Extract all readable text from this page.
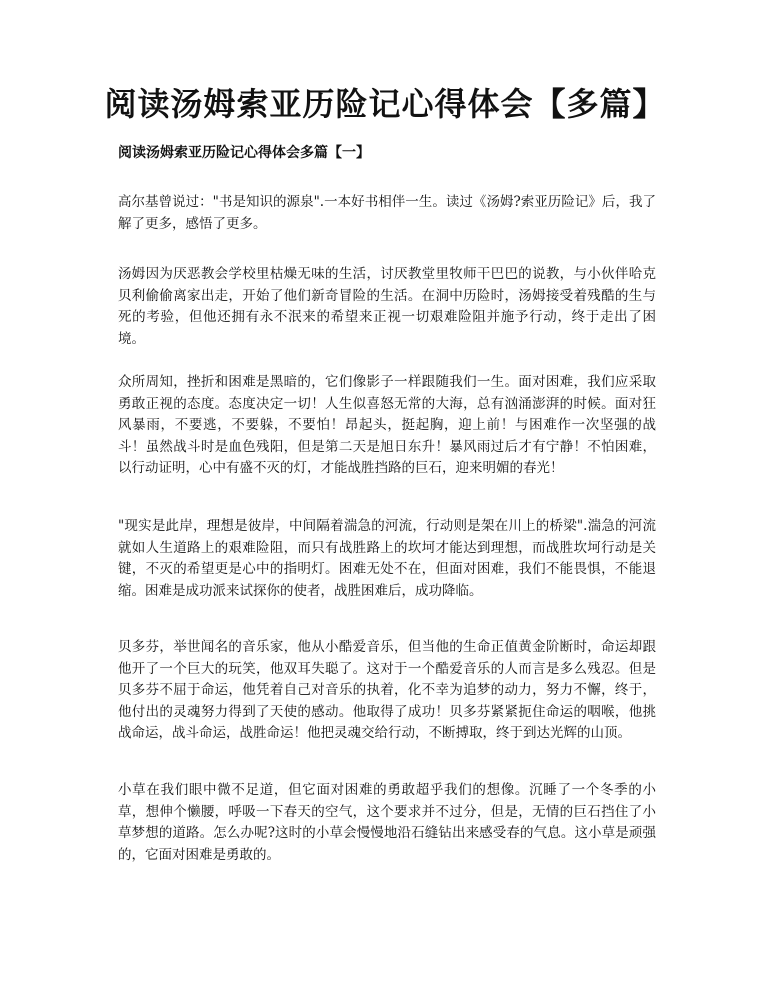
阅读汤姆索亚历险记心得体会【多篇】
阅读汤姆索亚历险记心得体会多篇【一】

高尔基曾说过："书是知识的源泉".一本好书相伴一生。读过《汤姆?索亚历险记》后，我了解了更多，感悟了更多。

汤姆因为厌恶教会学校里枯燥无味的生活，讨厌教堂里牧师干巴巴的说教，与小伙伴哈克贝利偷偷离家出走，开始了他们新奇冒险的生活。在洞中历险时，汤姆接受着残酷的生与死的考验，但他还拥有永不泯来的希望来正视一切艰难险阻并施予行动，终于走出了困境。

众所周知，挫折和困难是黑暗的，它们像影子一样跟随我们一生。面对困难，我们应采取勇敢正视的态度。态度决定一切！人生似喜怒无常的大海，总有汹涌澎湃的时候。面对狂风暴雨，不要逃，不要躲，不要怕！昂起头，挺起胸，迎上前！与困难作一次坚强的战斗！虽然战斗时是血色残阳，但是第二天是旭日东升！暴风雨过后才有宁静！不怕困难，以行动证明，心中有盛不灭的灯，才能战胜挡路的巨石，迎来明媚的春光！

"现实是此岸，理想是彼岸，中间隔着湍急的河流，行动则是架在川上的桥梁".湍急的河流就如人生道路上的艰难险阻，而只有战胜路上的坎坷才能达到理想，而战胜坎坷行动是关键，不灭的希望更是心中的指明灯。困难无处不在，但面对困难，我们不能畏惧，不能退缩。困难是成功派来试探你的使者，战胜困难后，成功降临。

贝多芬，举世闻名的音乐家，他从小酷爱音乐，但当他的生命正值黄金阶断时，命运却跟他开了一个巨大的玩笑，他双耳失聪了。这对于一个酷爱音乐的人而言是多么残忍。但是贝多芬不屈于命运，他凭着自己对音乐的执着，化不幸为追梦的动力，努力不懈，终于，他付出的灵魂努力得到了天使的感动。他取得了成功！贝多芬紧紧扼住命运的咽喉，他挑战命运，战斗命运，战胜命运！他把灵魂交给行动，不断搏取，终于到达光辉的山顶。

小草在我们眼中微不足道，但它面对困难的勇敢超乎我们的想像。沉睡了一个冬季的小草，想伸个懒腰，呼吸一下春天的空气，这个要求并不过分，但是，无情的巨石挡住了小草梦想的道路。怎么办呢?这时的小草会慢慢地沿石缝钻出来感受春的气息。这小草是顽强的，它面对困难是勇敢的。
